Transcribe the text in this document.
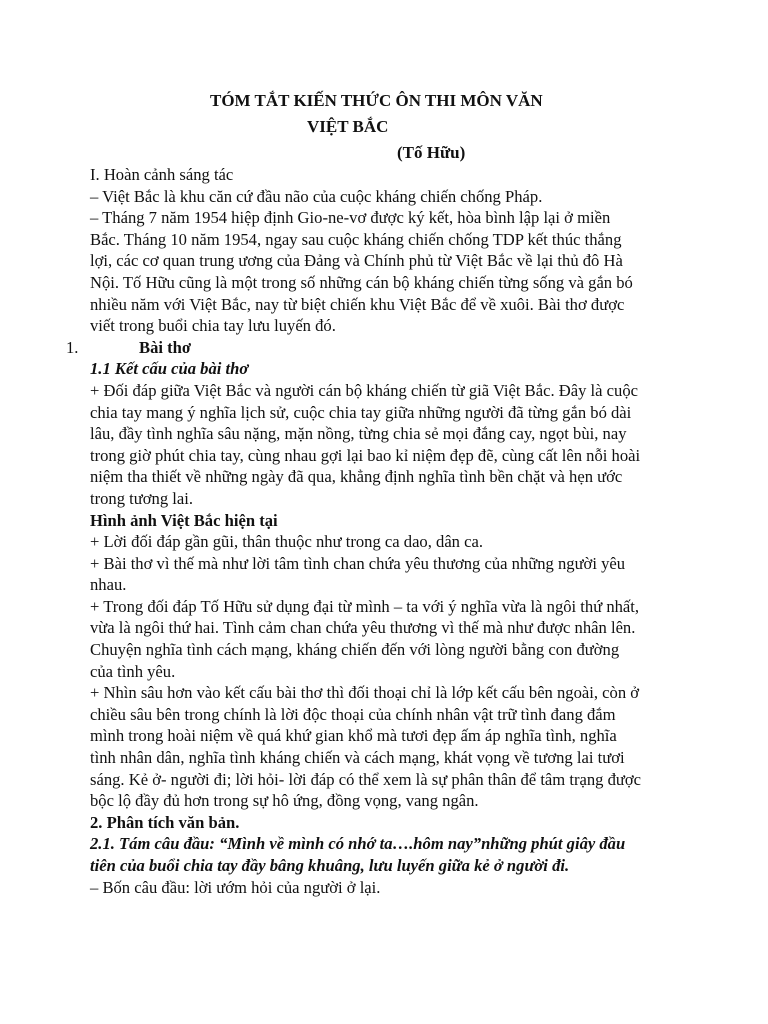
TÓM TẮT KIẾN THỨC ÔN THI MÔN VĂN
VIỆT BẮC
(Tố Hữu)

I. Hoàn cảnh sáng tác

– Việt Bắc là khu căn cứ đầu não của cuộc kháng chiến chống Pháp.

– Tháng 7 năm 1954 hiệp định Gio-ne-vơ được ký kết, hòa bình lập lại ở miền

Bắc. Tháng 10 năm 1954, ngay sau cuộc kháng chiến chống TDP kết thúc thắng

lợi, các cơ quan trung ương của Đảng và Chính phủ từ Việt Bắc về lại thủ đô Hà

Nội. Tố Hữu cũng là một trong số những cán bộ kháng chiến từng sống và gắn bó

nhiều năm với Việt Bắc, nay từ biệt chiến khu Việt Bắc để về xuôi. Bài thơ được

viết trong buổi chia tay lưu luyến đó.

1.	Bài thơ

1.1 Kết cấu của bài thơ

+ Đối đáp giữa Việt Bắc và người cán bộ kháng chiến từ giã Việt Bắc. Đây là cuộc

chia tay mang ý nghĩa lịch sử, cuộc chia tay giữa những người đã từng gắn bó dài

lâu, đầy tình nghĩa sâu nặng, mặn nồng, từng chia sẻ mọi đắng cay, ngọt bùi, nay

trong giờ phút chia tay, cùng nhau gợi lại bao kỉ niệm đẹp đẽ, cùng cất lên nỗi hoài

niệm tha thiết về những ngày đã qua, khẳng định nghĩa tình bền chặt và hẹn ước

trong tương lai.

Hình ảnh Việt Bắc hiện tại

+ Lời đối đáp gần gũi, thân thuộc như trong ca dao, dân ca.

+ Bài thơ vì thế mà như lời tâm tình chan chứa yêu thương của những người yêu

nhau.

+ Trong đối đáp Tố Hữu sử dụng đại từ mình – ta với ý nghĩa vừa là ngôi thứ nhất,

vừa là ngôi thứ hai. Tình cảm chan chứa yêu thương vì thế mà như được nhân lên.

Chuyện nghĩa tình cách mạng, kháng chiến đến với lòng người bằng con đường

của tình yêu.

+ Nhìn sâu hơn vào kết cấu bài thơ thì đối thoại chỉ là lớp kết cấu bên ngoài, còn ở

chiều sâu bên trong chính là lời độc thoại của chính nhân vật trữ tình đang đắm

mình trong hoài niệm về quá khứ gian khổ mà tươi đẹp ấm áp nghĩa tình, nghĩa

tình nhân dân, nghĩa tình kháng chiến và cách mạng, khát vọng về tương lai tươi

sáng. Kẻ ở- người đi; lời hỏi- lời đáp có thể xem là sự phân thân để tâm trạng được

bộc lộ đầy đủ hơn trong sự hô ứng, đồng vọng, vang ngân.

2. Phân tích văn bản.

2.1. Tám câu đầu: “Mình về mình có nhớ ta….hôm nay”những phút giây đầu

tiên của buổi chia tay đầy bâng khuâng, lưu luyến giữa kẻ ở người đi.

– Bốn câu đầu: lời ướm hỏi của người ở lại.
